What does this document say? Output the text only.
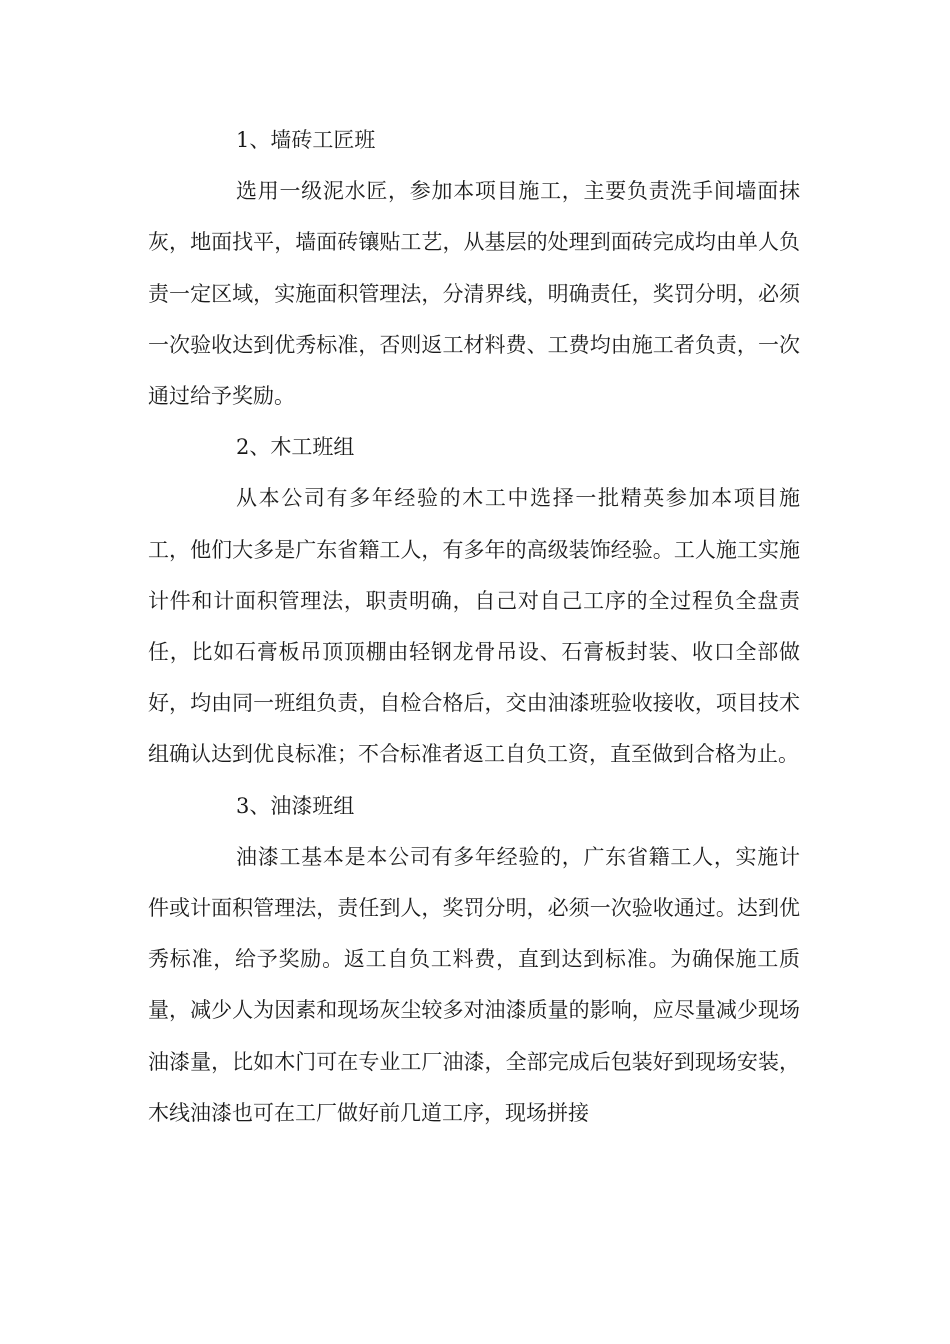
1、墙砖工匠班

选用一级泥水匠，参加本项目施工，主要负责洗手间墙面抹灰，地面找平，墙面砖镶贴工艺，从基层的处理到面砖完成均由单人负责一定区域，实施面积管理法，分清界线，明确责任，奖罚分明，必须一次验收达到优秀标准，否则返工材料费、工费均由施工者负责，一次通过给予奖励。

2、木工班组

从本公司有多年经验的木工中选择一批精英参加本项目施工，他们大多是广东省籍工人，有多年的高级装饰经验。工人施工实施计件和计面积管理法，职责明确，自己对自己工序的全过程负全盘责任，比如石膏板吊顶顶棚由轻钢龙骨吊设、石膏板封装、收口全部做好，均由同一班组负责，自检合格后，交由油漆班验收接收，项目技术组确认达到优良标准；不合标准者返工自负工资，直至做到合格为止。

3、油漆班组

油漆工基本是本公司有多年经验的，广东省籍工人，实施计件或计面积管理法，责任到人，奖罚分明，必须一次验收通过。达到优秀标准，给予奖励。返工自负工料费，直到达到标准。为确保施工质量，减少人为因素和现场灰尘较多对油漆质量的影响，应尽量减少现场油漆量，比如木门可在专业工厂油漆，全部完成后包装好到现场安装，木线油漆也可在工厂做好前几道工序，现场拼接
